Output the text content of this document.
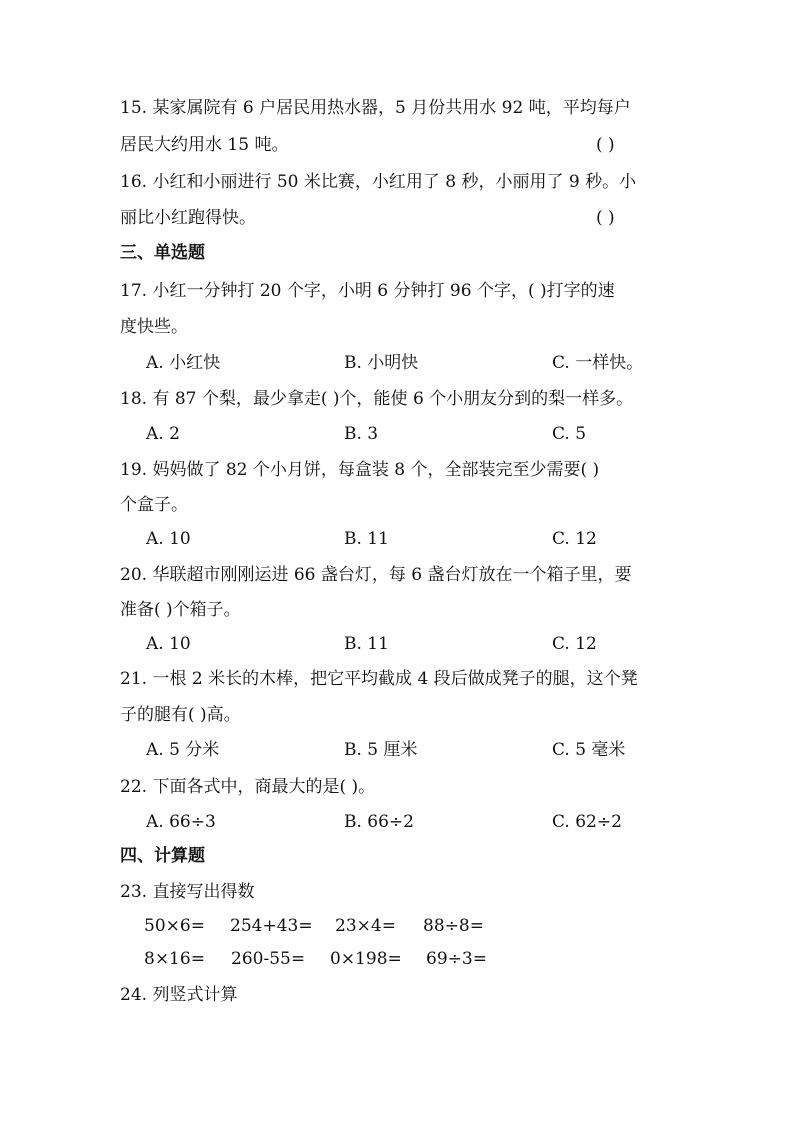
15. 某家属院有 6 户居民用热水器，5 月份共用水 92 吨，平均每户
居民大约用水 15 吨。	( )
16. 小红和小丽进行 50 米比赛，小红用了 8 秒，小丽用了 9 秒。小
丽比小红跑得快。	( )
三、单选题
17. 小红一分钟打 20 个字，小明 6 分钟打 96 个字，( )打字的速
度快些。
A. 小红快	B. 小明快	C. 一样快。
18. 有 87 个梨，最少拿走( )个，能使 6 个小朋友分到的梨一样多。
A. 2	B. 3	C. 5
19. 妈妈做了 82 个小月饼，每盒装 8 个，全部装完至少需要( )
个盒子。
A. 10	B. 11	C. 12
20. 华联超市刚刚运进 66 盏台灯，每 6 盏台灯放在一个箱子里，要
准备( )个箱子。
A. 10	B. 11	C. 12
21. 一根 2 米长的木棒，把它平均截成 4 段后做成凳子的腿，这个凳
子的腿有( )高。
A. 5 分米	B. 5 厘米	C. 5 毫米
22. 下面各式中，商最大的是( )。
A. 66÷3	B. 66÷2	C. 62÷2
四、计算题
23. 直接写出得数
50×6= 254+43= 23×4= 88÷8=
8×16= 260-55= 0×198= 69÷3=
24. 列竖式计算
